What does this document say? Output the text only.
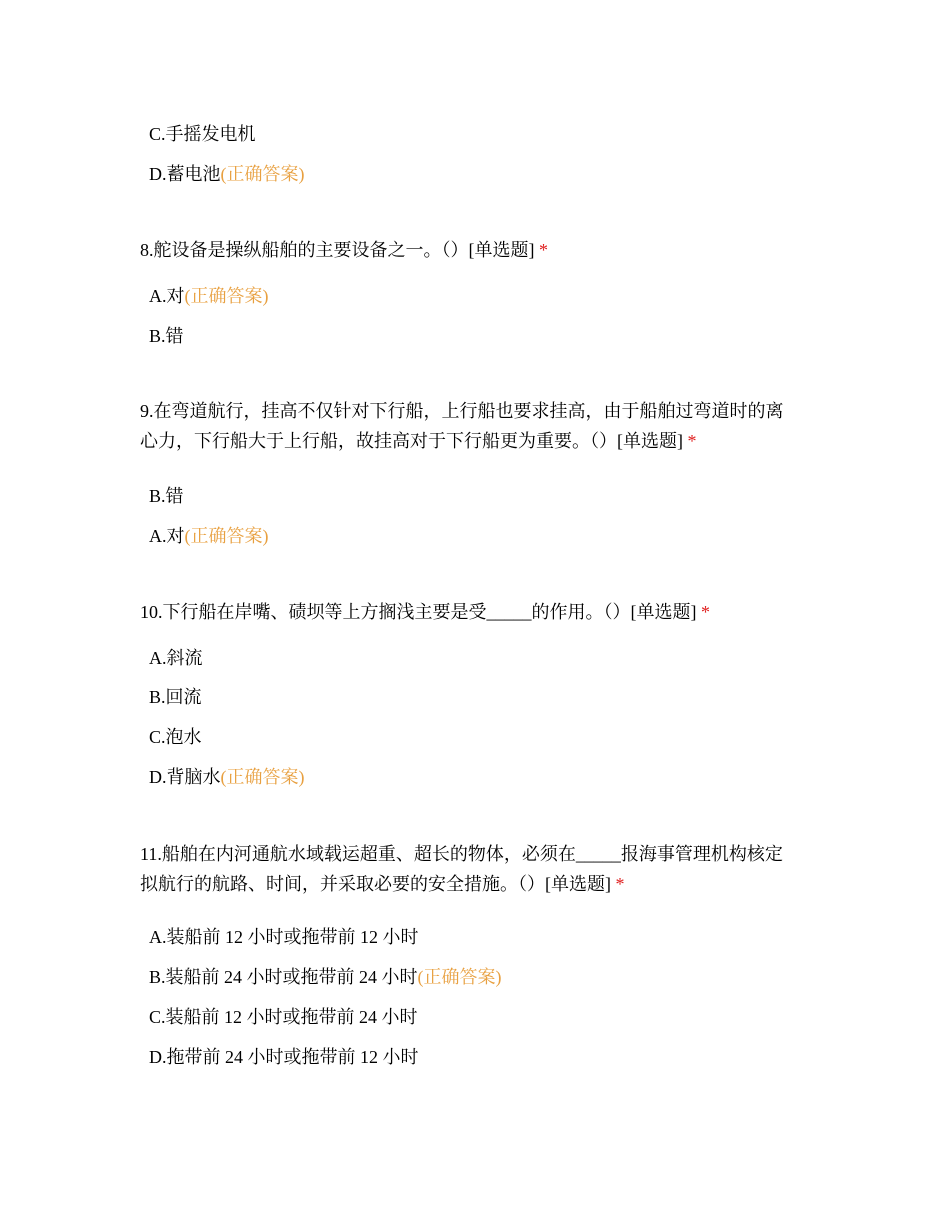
C.手摇发电机
D.蓄电池(正确答案)
8.舵设备是操纵船舶的主要设备之一。（）[单选题] *
A.对(正确答案)
B.错
9.在弯道航行，挂高不仅针对下行船，上行船也要求挂高，由于船舶过弯道时的离
心力，下行船大于上行船，故挂高对于下行船更为重要。（）[单选题] *
B.错
A.对(正确答案)
10.下行船在岸嘴、碛坝等上方搁浅主要是受_____的作用。（）[单选题] *
A.斜流
B.回流
C.泡水
D.背脑水(正确答案)
11.船舶在内河通航水域载运超重、超长的物体，必须在_____报海事管理机构核定
拟航行的航路、时间，并采取必要的安全措施。（）[单选题] *
A.装船前 12 小时或拖带前 12 小时
B.装船前 24 小时或拖带前 24 小时(正确答案)
C.装船前 12 小时或拖带前 24 小时
D.拖带前 24 小时或拖带前 12 小时
